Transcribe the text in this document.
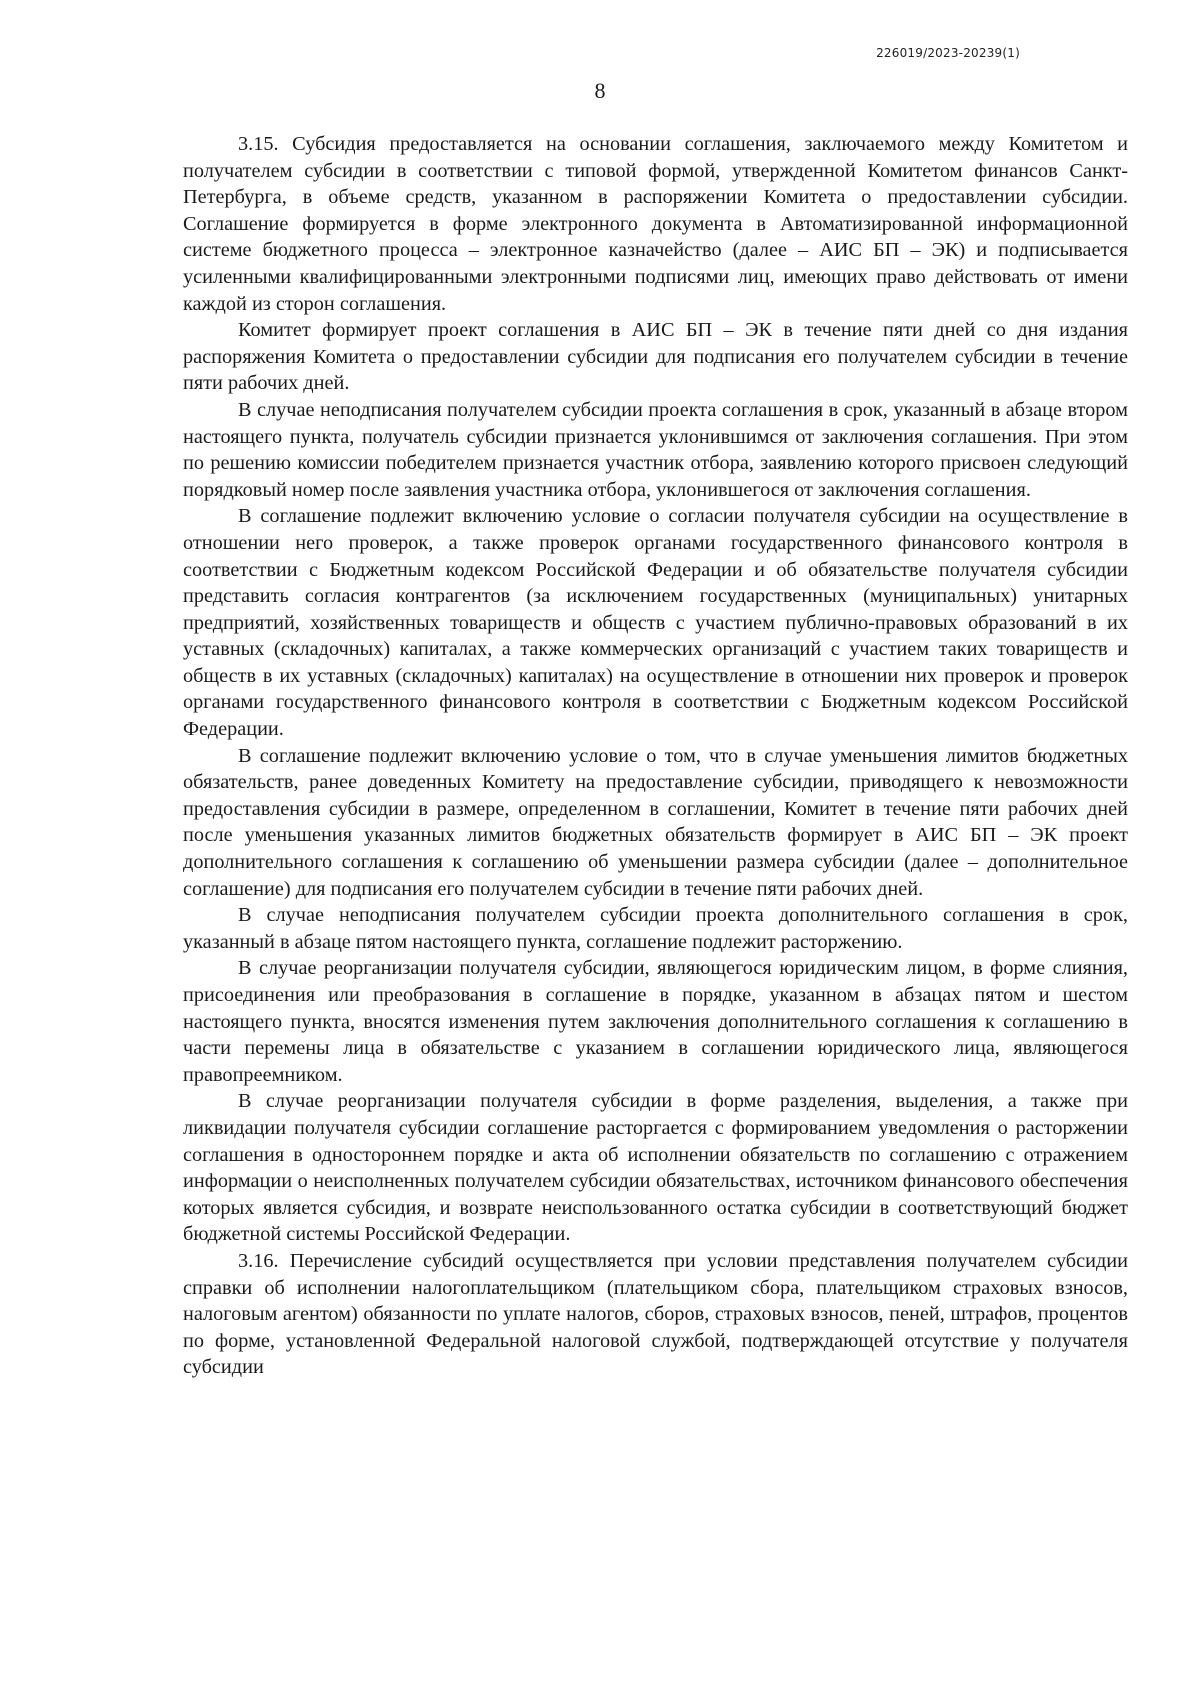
226019/2023-20239(1)
8

3.15. Субсидия предоставляется на основании соглашения, заключаемого между Комитетом и получателем субсидии в соответствии с типовой формой, утвержденной Комитетом финансов Санкт-Петербурга, в объеме средств, указанном в распоряжении Комитета о предоставлении субсидии. Соглашение формируется в форме электронного документа в Автоматизированной информационной системе бюджетного процесса – электронное казначейство (далее – АИС БП – ЭК) и подписывается усиленными квалифицированными электронными подписями лиц, имеющих право действовать от имени каждой из сторон соглашения.

Комитет формирует проект соглашения в АИС БП – ЭК в течение пяти дней со дня издания распоряжения Комитета о предоставлении субсидии для подписания его получателем субсидии в течение пяти рабочих дней.

В случае неподписания получателем субсидии проекта соглашения в срок, указанный в абзаце втором настоящего пункта, получатель субсидии признается уклонившимся от заключения соглашения. При этом по решению комиссии победителем признается участник отбора, заявлению которого присвоен следующий порядковый номер после заявления участника отбора, уклонившегося от заключения соглашения.

В соглашение подлежит включению условие о согласии получателя субсидии на осуществление в отношении него проверок, а также проверок органами государственного финансового контроля в соответствии с Бюджетным кодексом Российской Федерации и об обязательстве получателя субсидии представить согласия контрагентов (за исключением государственных (муниципальных) унитарных предприятий, хозяйственных товариществ и обществ с участием публично-правовых образований в их уставных (складочных) капиталах, а также коммерческих организаций с участием таких товариществ и обществ в их уставных (складочных) капиталах) на осуществление в отношении них проверок и проверок органами государственного финансового контроля в соответствии с Бюджетным кодексом Российской Федерации.

В соглашение подлежит включению условие о том, что в случае уменьшения лимитов бюджетных обязательств, ранее доведенных Комитету на предоставление субсидии, приводящего к невозможности предоставления субсидии в размере, определенном в соглашении, Комитет в течение пяти рабочих дней после уменьшения указанных лимитов бюджетных обязательств формирует в АИС БП – ЭК проект дополнительного соглашения к соглашению об уменьшении размера субсидии (далее – дополнительное соглашение) для подписания его получателем субсидии в течение пяти рабочих дней.

В случае неподписания получателем субсидии проекта дополнительного соглашения в срок, указанный в абзаце пятом настоящего пункта, соглашение подлежит расторжению.

В случае реорганизации получателя субсидии, являющегося юридическим лицом, в форме слияния, присоединения или преобразования в соглашение в порядке, указанном в абзацах пятом и шестом настоящего пункта, вносятся изменения путем заключения дополнительного соглашения к соглашению в части перемены лица в обязательстве с указанием в соглашении юридического лица, являющегося правопреемником.

В случае реорганизации получателя субсидии в форме разделения, выделения, а также при ликвидации получателя субсидии соглашение расторгается с формированием уведомления о расторжении соглашения в одностороннем порядке и акта об исполнении обязательств по соглашению с отражением информации о неисполненных получателем субсидии обязательствах, источником финансового обеспечения которых является субсидия, и возврате неиспользованного остатка субсидии в соответствующий бюджет бюджетной системы Российской Федерации.

3.16. Перечисление субсидий осуществляется при условии представления получателем субсидии справки об исполнении налогоплательщиком (плательщиком сбора, плательщиком страховых взносов, налоговым агентом) обязанности по уплате налогов, сборов, страховых взносов, пеней, штрафов, процентов по форме, установленной Федеральной налоговой службой, подтверждающей отсутствие у получателя субсидии
